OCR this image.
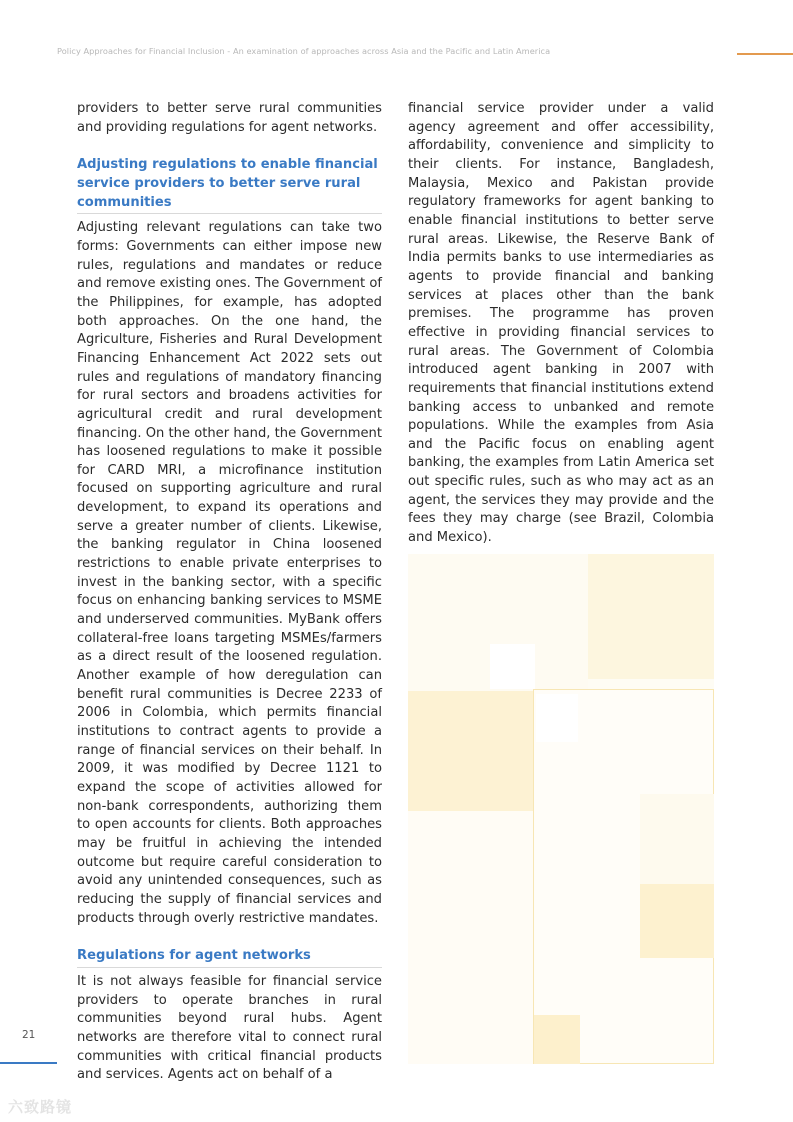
Policy Approaches for Financial Inclusion - An examination of approaches across Asia and the Pacific and Latin America

providers to better serve rural communities and providing regulations for agent networks.

Adjusting regulations to enable financial service providers to better serve rural communities

Adjusting relevant regulations can take two forms: Governments can either impose new rules, regulations and mandates or reduce and remove existing ones. The Government of the Philippines, for example, has adopted both approaches. On the one hand, the Agriculture, Fisheries and Rural Development Financing Enhancement Act 2022 sets out rules and regulations of mandatory financing for rural sectors and broadens activities for agricultural credit and rural development financing. On the other hand, the Government has loosened regulations to make it possible for CARD MRI, a microfinance institution focused on supporting agriculture and rural development, to expand its operations and serve a greater number of clients. Likewise, the banking regulator in China loosened restrictions to enable private enterprises to invest in the banking sector, with a specific focus on enhancing banking services to MSME and underserved communities. MyBank offers collateral-free loans targeting MSMEs/farmers as a direct result of the loosened regulation. Another example of how deregulation can benefit rural communities is Decree 2233 of 2006 in Colombia, which permits financial institutions to contract agents to provide a range of financial services on their behalf. In 2009, it was modified by Decree 1121 to expand the scope of activities allowed for non-bank correspondents, authorizing them to open accounts for clients. Both approaches may be fruitful in achieving the intended outcome but require careful consideration to avoid any unintended consequences, such as reducing the supply of financial services and products through overly restrictive mandates.

Regulations for agent networks

It is not always feasible for financial service providers to operate branches in rural communities beyond rural hubs. Agent networks are therefore vital to connect rural communities with critical financial products and services. Agents act on behalf of a

financial service provider under a valid agency agreement and offer accessibility, affordability, convenience and simplicity to their clients. For instance, Bangladesh, Malaysia, Mexico and Pakistan provide regulatory frameworks for agent banking to enable financial institutions to better serve rural areas. Likewise, the Reserve Bank of India permits banks to use intermediaries as agents to provide financial and banking services at places other than the bank premises. The programme has proven effective in providing financial services to rural areas. The Government of Colombia introduced agent banking in 2007 with requirements that financial institutions extend banking access to unbanked and remote populations. While the examples from Asia and the Pacific focus on enabling agent banking, the examples from Latin America set out specific rules, such as who may act as an agent, the services they may provide and the fees they may charge (see Brazil, Colombia and Mexico).

21
六致路镜
